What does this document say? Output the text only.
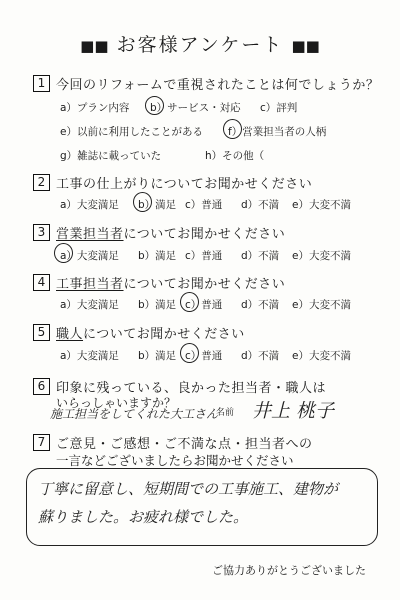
■■ お客様アンケート ■■
1 今回のリフォームで重視されたことは何でしょうか？
a）プラン内容 b）サービス・対応 c）評判
e）以前に利用したことがある f）営業担当者の人柄
g）雑誌に載っていた	h）その他（
2 工事の仕上がりについてお聞かせください
a）大変満足 b）満足 c）普通 d）不満 e）大変不満
3 営業担当者についてお聞かせください
a）大変満足 b）満足 c）普通 d）不満 e）大変不満
4 工事担当者についてお聞かせください
a）大変満足 b）満足 c）普通 d）不満 e）大変不満
5 職人についてお聞かせください
a）大変満足 b）満足 c）普通 d）不満 e）大変不満
6 印象に残っている、良かった担当者・職人は
いらっしゃいますか？
施工担当をしてくれた大工さん
名前 井上 桃子
7 ご意見・ご感想・ご不満な点・担当者への
一言などございましたらお聞かせください
丁寧に留意し、短期間での工事施工、建物が
蘇りました。お疲れ様でした。
ご協力ありがとうございました
